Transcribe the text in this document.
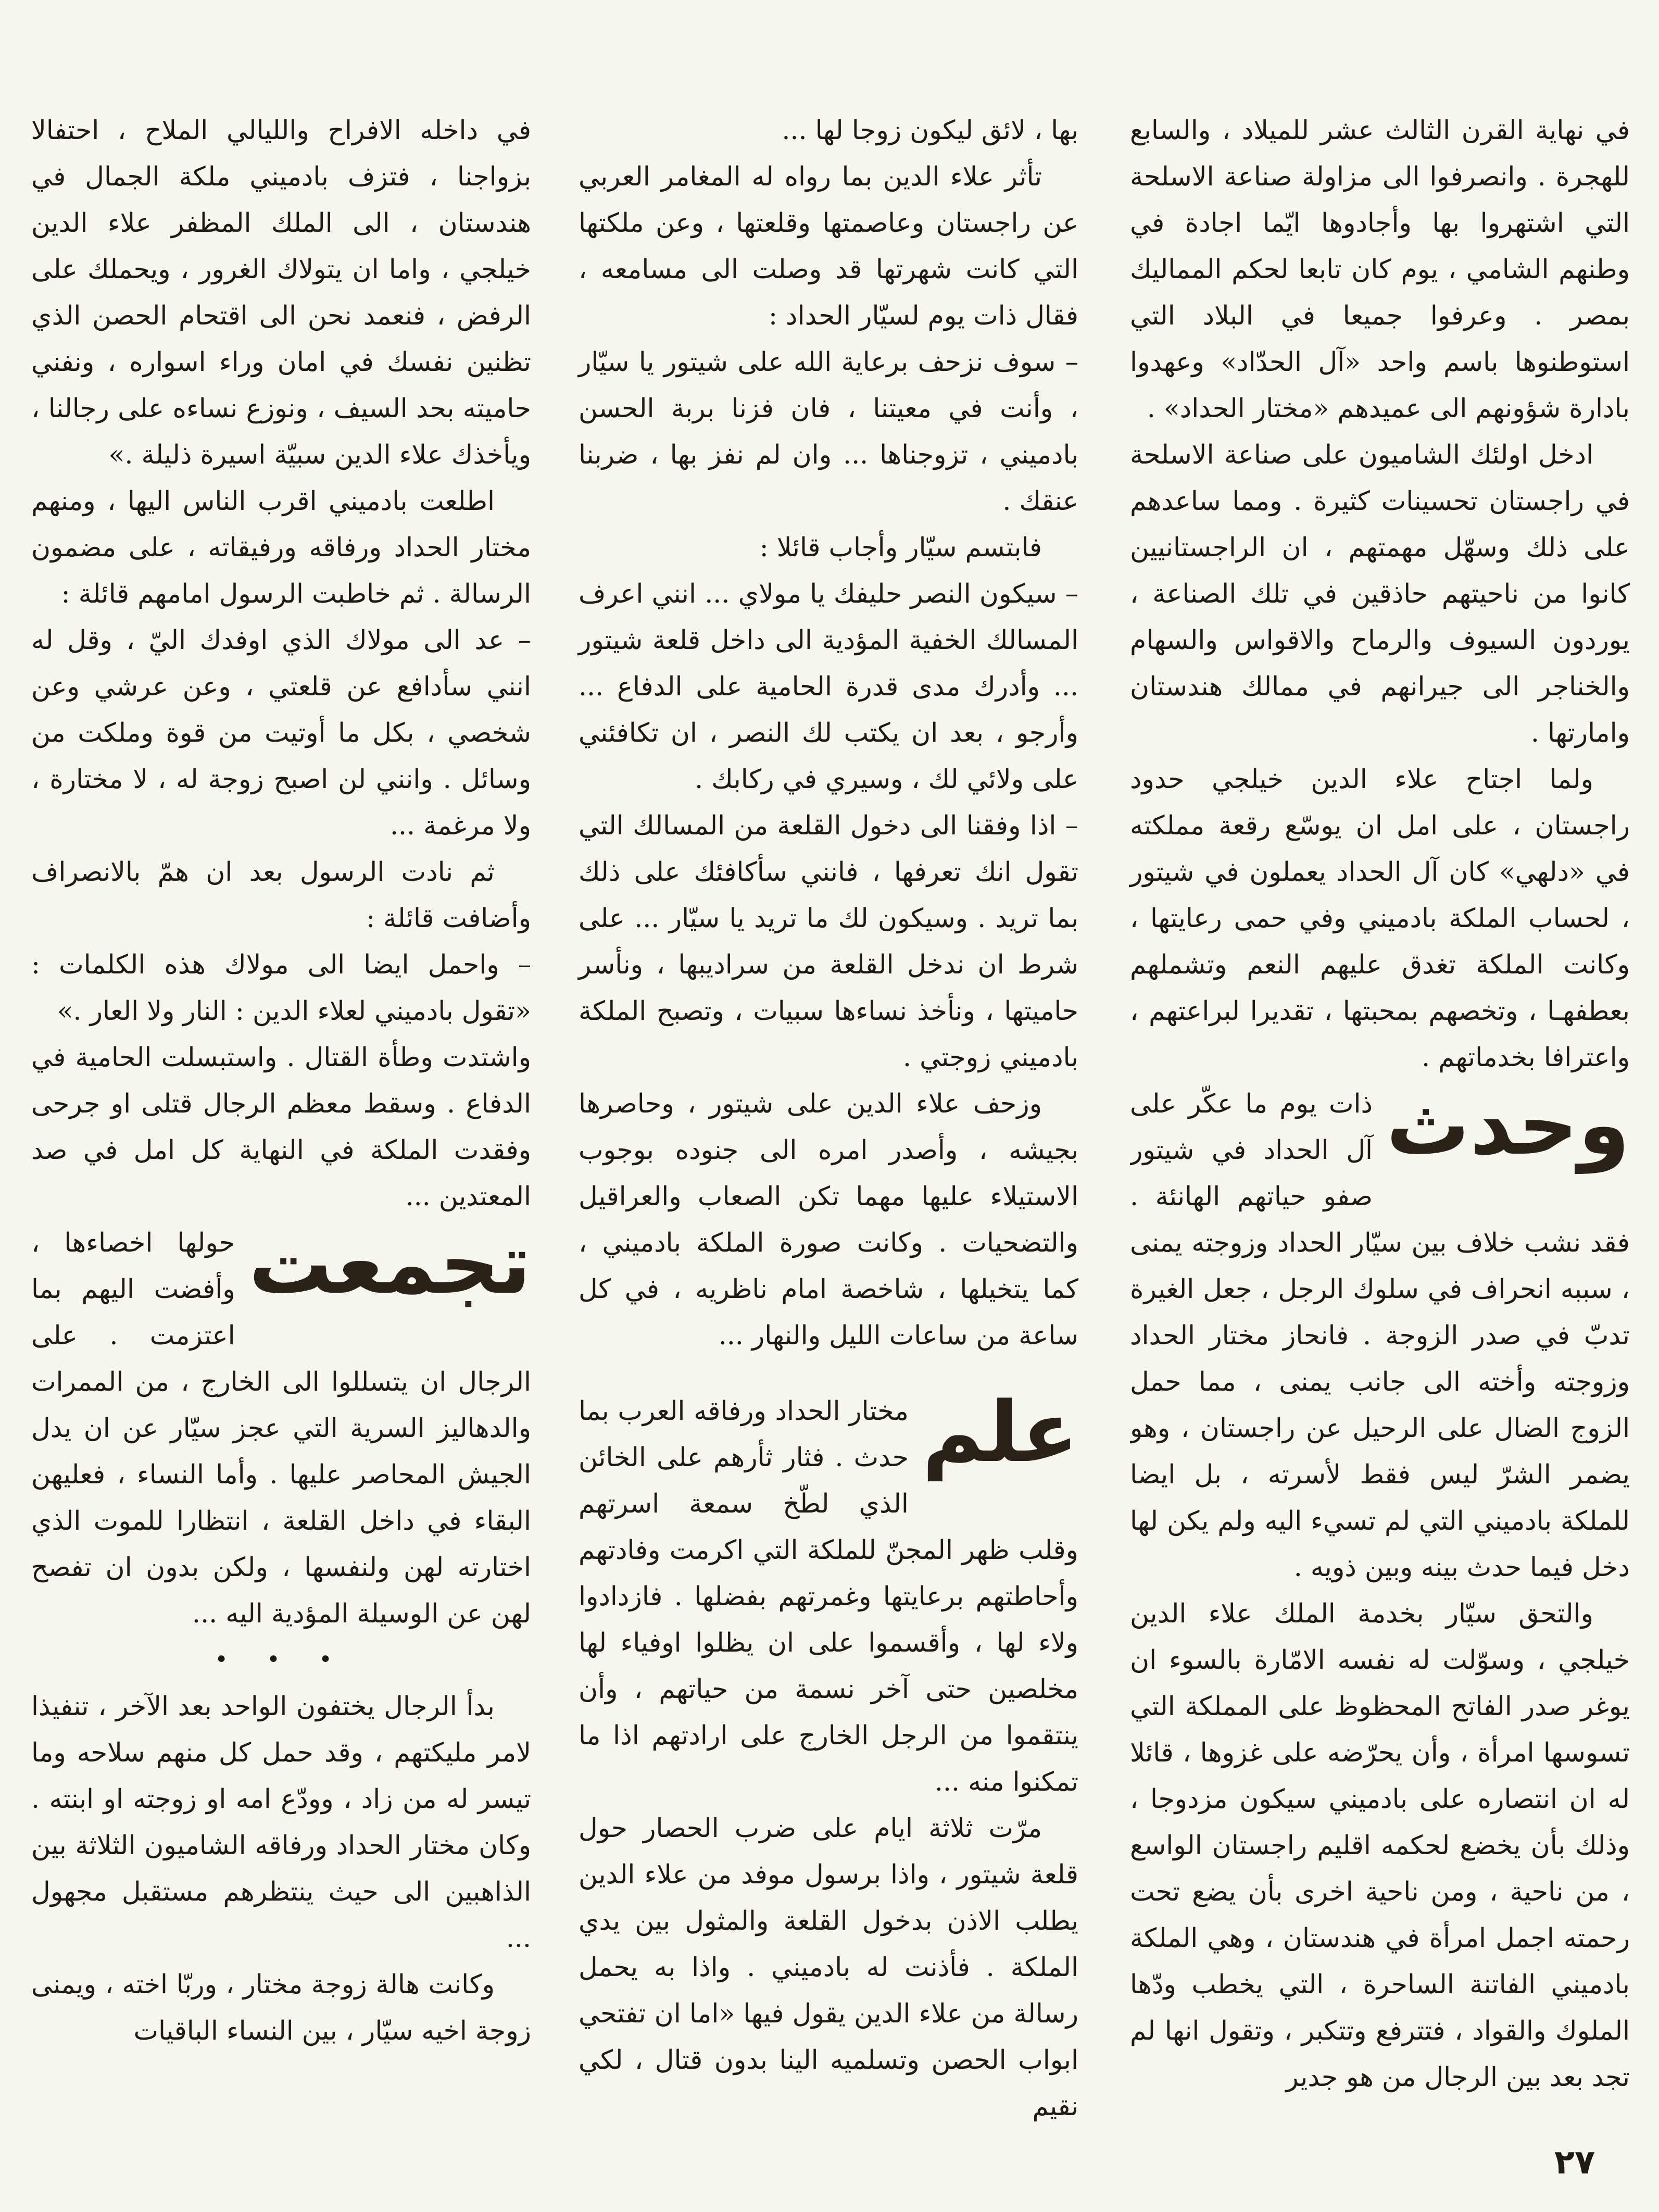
في نهاية القرن الثالث عشر للميلاد ، والسابع للهجرة . وانصرفوا الى مزاولة صناعة الاسلحة التي اشتهروا بها وأجادوها ايّما اجادة في وطنهم الشامي ، يوم كان تابعا لحكم المماليك بمصر . وعرفوا جميعا في البلاد التي استوطنوها باسم واحد «آل الحدّاد» وعهدوا بادارة شؤونهم الى عميدهم «مختار الحداد» .

ادخل اولئك الشاميون على صناعة الاسلحة في راجستان تحسينات كثيرة . ومما ساعدهم على ذلك وسهّل مهمتهم ، ان الراجستانيين كانوا من ناحيتهم حاذقين في تلك الصناعة ، يوردون السيوف والرماح والاقواس والسهام والخناجر الى جيرانهم في ممالك هندستان وامارتها .

ولما اجتاح علاء الدين خيلجي حدود راجستان ، على امل ان يوسّع رقعة مملكته في «دلهي» كان آل الحداد يعملون في شيتور ، لحساب الملكة بادميني وفي حمى رعايتها ، وكانت الملكة تغدق عليهم النعم وتشملهم بعطفهـا ، وتخصهم بمحبتها ، تقديرا لبراعتهم ، واعترافا بخدماتهم .

وحدث
ذات يوم ما عكّر على آل الحداد في شيتور صفو حياتهم الهانئة . فقد نشب خلاف بين سيّار الحداد وزوجته يمنى ، سببه انحراف في سلوك الرجل ، جعل الغيرة تدبّ في صدر الزوجة . فانحاز مختار الحداد وزوجته وأخته الى جانب يمنى ، مما حمل الزوج الضال على الرحيل عن راجستان ، وهو يضمر الشرّ ليس فقط لأسرته ، بل ايضا للملكة بادميني التي لم تسيء اليه ولم يكن لها دخل فيما حدث بينه وبين ذويه .

والتحق سيّار بخدمة الملك علاء الدين خيلجي ، وسوّلت له نفسه الامّارة بالسوء ان يوغر صدر الفاتح المحظوظ على المملكة التي تسوسها امرأة ، وأن يحرّضه على غزوها ، قائلا له ان انتصاره على بادميني سيكون مزدوجا ، وذلك بأن يخضع لحكمه اقليم راجستان الواسع ، من ناحية ، ومن ناحية اخرى بأن يضع تحت رحمته اجمل امرأة في هندستان ، وهي الملكة بادميني الفاتنة الساحرة ، التي يخطب ودّها الملوك والقواد ، فتترفع وتتكبر ، وتقول انها لم تجد بعد بين الرجال من هو جدير

بها ، لائق ليكون زوجا لها ...

تأثر علاء الدين بما رواه له المغامر العربي عن راجستان وعاصمتها وقلعتها ، وعن ملكتها التي كانت شهرتها قد وصلت الى مسامعه ، فقال ذات يوم لسيّار الحداد :

– سوف نزحف برعاية الله على شيتور يا سيّار ، وأنت في معيتنا ، فان فزنا بربة الحسن بادميني ، تزوجناها ... وان لم نفز بها ، ضربنا عنقك .

فابتسم سيّار وأجاب قائلا :

– سيكون النصر حليفك يا مولاي ... انني اعرف المسالك الخفية المؤدية الى داخل قلعة شيتور ... وأدرك مدى قدرة الحامية على الدفاع ... وأرجو ، بعد ان يكتب لك النصر ، ان تكافئني على ولائي لك ، وسيري في ركابك .

– اذا وفقنا الى دخول القلعة من المسالك التي تقول انك تعرفها ، فانني سأكافئك على ذلك بما تريد . وسيكون لك ما تريد يا سيّار ... على شرط ان ندخل القلعة من سراديبها ، ونأسر حاميتها ، ونأخذ نساءها سبيات ، وتصبح الملكة بادميني زوجتي .

وزحف علاء الدين على شيتور ، وحاصرها بجيشه ، وأصدر امره الى جنوده بوجوب الاستيلاء عليها مهما تكن الصعاب والعراقيل والتضحيات . وكانت صورة الملكة بادميني ، كما يتخيلها ، شاخصة امام ناظريه ، في كل ساعة من ساعات الليل والنهار ...

علم
مختار الحداد ورفاقه العرب بما حدث . فثار ثأرهم على الخائن الذي لطّخ سمعة اسرتهم وقلب ظهر المجنّ للملكة التي اكرمت وفادتهم وأحاطتهم برعايتها وغمرتهم بفضلها . فازدادوا ولاء لها ، وأقسموا على ان يظلوا اوفياء لها مخلصين حتى آخر نسمة من حياتهم ، وأن ينتقموا من الرجل الخارج على ارادتهم اذا ما تمكنوا منه ...

مرّت ثلاثة ايام على ضرب الحصار حول قلعة شيتور ، واذا برسول موفد من علاء الدين يطلب الاذن بدخول القلعة والمثول بين يدي الملكة . فأذنت له بادميني . واذا به يحمل رسالة من علاء الدين يقول فيها «اما ان تفتحي ابواب الحصن وتسلميه الينا بدون قتال ، لكي نقيم

في داخله الافراح والليالي الملاح ، احتفالا بزواجنا ، فتزف بادميني ملكة الجمال في هندستان ، الى الملك المظفر علاء الدين خيلجي ، واما ان يتولاك الغرور ، ويحملك على الرفض ، فنعمد نحن الى اقتحام الحصن الذي تظنين نفسك في امان وراء اسواره ، ونفني حاميته بحد السيف ، ونوزع نساءه على رجالنا ، ويأخذك علاء الدين سبيّة اسيرة ذليلة .»

اطلعت بادميني اقرب الناس اليها ، ومنهم مختار الحداد ورفاقه ورفيقاته ، على مضمون الرسالة . ثم خاطبت الرسول امامهم قائلة :

– عد الى مولاك الذي اوفدك اليّ ، وقل له انني سأدافع عن قلعتي ، وعن عرشي وعن شخصي ، بكل ما أوتيت من قوة وملكت من وسائل . وانني لن اصبح زوجة له ، لا مختارة ، ولا مرغمة ...

ثم نادت الرسول بعد ان همّ بالانصراف وأضافت قائلة :

– واحمل ايضا الى مولاك هذه الكلمات : «تقول بادميني لعلاء الدين : النار ولا العار .»

واشتدت وطأة القتال . واستبسلت الحامية في الدفاع . وسقط معظم الرجال قتلى او جرحى وفقدت الملكة في النهاية كل امل في صد المعتدين ...

تجمعت
حولها اخصاءها ، وأفضت اليهم بما اعتزمت . على الرجال ان يتسللوا الى الخارج ، من الممرات والدهاليز السرية التي عجز سيّار عن ان يدل الجيش المحاصر عليها . وأما النساء ، فعليهن البقاء في داخل القلعة ، انتظارا للموت الذي اختارته لهن ولنفسها ، ولكن بدون ان تفصح لهن عن الوسيلة المؤدية اليه ...

• • •

بدأ الرجال يختفون الواحد بعد الآخر ، تنفيذا لامر مليكتهم ، وقد حمل كل منهم سلاحه وما تيسر له من زاد ، وودّع امه او زوجته او ابنته . وكان مختار الحداد ورفاقه الشاميون الثلاثة بين الذاهبين الى حيث ينتظرهم مستقبل مجهول ...

وكانت هالة زوجة مختار ، وربّا اخته ، ويمنى زوجة اخيه سيّار ، بين النساء الباقيات

٢٧
